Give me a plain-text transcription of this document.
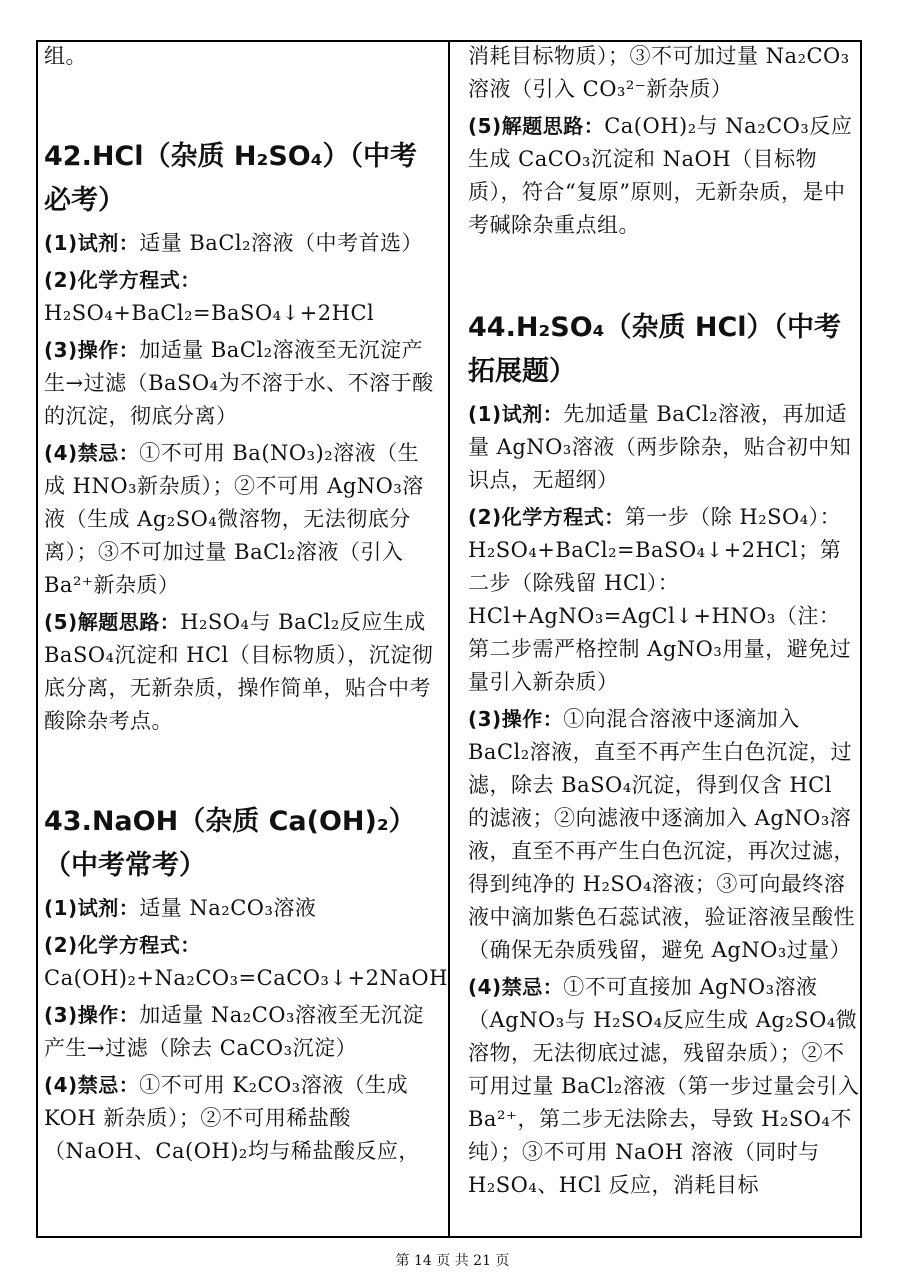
组。

42.HCl（杂质 H₂SO₄）（中考

必考）

(1)试剂：适量 BaCl₂溶液（中考首选）

(2)化学方程式：H₂SO₄+BaCl₂=BaSO₄↓+2HCl

(3)操作：加适量 BaCl₂溶液至无沉淀产生→过滤（BaSO₄为不溶于水、不溶于酸的沉淀，彻底分离）

(4)禁忌：①不可用 Ba(NO₃)₂溶液（生成 HNO₃新杂质）；②不可用 AgNO₃溶液（生成 Ag₂SO₄微溶物，无法彻底分离）；③不可加过量 BaCl₂溶液（引入 Ba²⁺新杂质）

(5)解题思路：H₂SO₄与 BaCl₂反应生成 BaSO₄沉淀和 HCl（目标物质），沉淀彻底分离，无新杂质，操作简单，贴合中考酸除杂考点。

43.NaOH（杂质 Ca(OH)₂）

（中考常考）

(1)试剂：适量 Na₂CO₃溶液

(2)化学方程式：
Ca(OH)₂+Na₂CO₃=CaCO₃↓+2NaOH

(3)操作：加适量 Na₂CO₃溶液至无沉淀产生→过滤（除去 CaCO₃沉淀）

(4)禁忌：①不可用 K₂CO₃溶液（生成 KOH 新杂质）；②不可用稀盐酸（NaOH、Ca(OH)₂均与稀盐酸反应，

消耗目标物质）；③不可加过量 Na₂CO₃溶液（引入 CO₃²⁻新杂质）

(5)解题思路：Ca(OH)₂与 Na₂CO₃反应生成 CaCO₃沉淀和 NaOH（目标物质），符合“复原”原则，无新杂质，是中考碱除杂重点组。

44.H₂SO₄（杂质 HCl）（中考

拓展题）

(1)试剂：先加适量 BaCl₂溶液，再加适量 AgNO₃溶液（两步除杂，贴合初中知识点，无超纲）

(2)化学方程式：第一步（除 H₂SO₄）：H₂SO₄+BaCl₂=BaSO₄↓+2HCl；第二步（除残留 HCl）：HCl+AgNO₃=AgCl↓+HNO₃（注：第二步需严格控制 AgNO₃用量，避免过量引入新杂质）

(3)操作：①向混合溶液中逐滴加入 BaCl₂溶液，直至不再产生白色沉淀，过滤，除去 BaSO₄沉淀，得到仅含 HCl 的滤液；②向滤液中逐滴加入 AgNO₃溶液，直至不再产生白色沉淀，再次过滤，得到纯净的 H₂SO₄溶液；③可向最终溶液中滴加紫色石蕊试液，验证溶液呈酸性（确保无杂质残留，避免 AgNO₃过量）

(4)禁忌：①不可直接加 AgNO₃溶液（AgNO₃与 H₂SO₄反应生成 Ag₂SO₄微溶物，无法彻底过滤，残留杂质）；②不可用过量 BaCl₂溶液（第一步过量会引入 Ba²⁺，第二步无法除去，导致 H₂SO₄不纯）；③不可用 NaOH 溶液（同时与 H₂SO₄、HCl 反应，消耗目标

第 14 页 共 21 页
